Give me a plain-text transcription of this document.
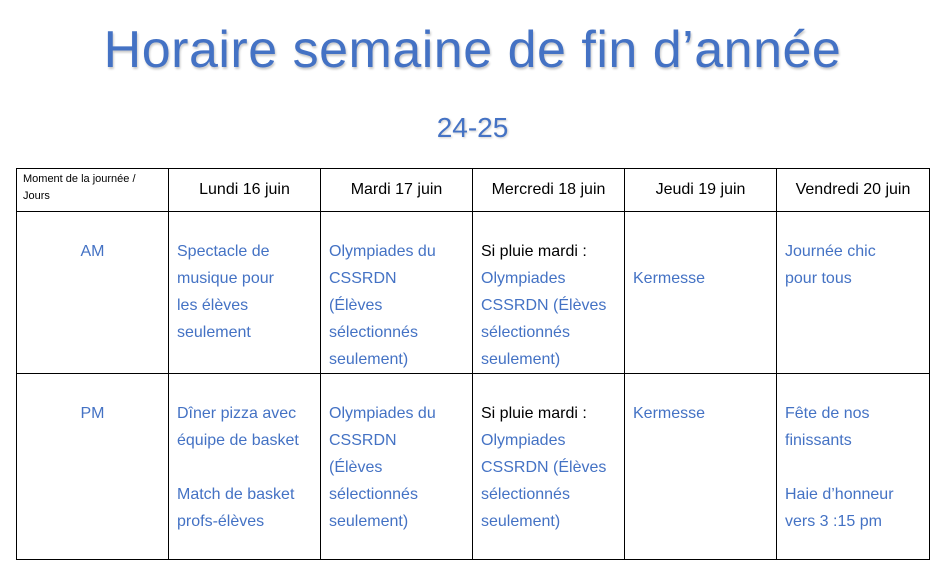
Horaire semaine de fin d’année
24-25
Moment de la journée /
Jours	Lundi 16 juin	Mardi 17 juin	Mercredi 18 juin	Jeudi 19 juin	Vendredi 20 juin
AM	Spectacle de
musique pour
les élèves
seulement	Olympiades du
CSSRDN
(Élèves
sélectionnés
seulement)	Si pluie mardi :
Olympiades
CSSRDN (Élèves
sélectionnés
seulement)	Kermesse	Journée chic
pour tous

PM	Dîner pizza avec
équipe de basket
Match de basket
profs-élèves	Olympiades du
CSSRDN
(Élèves
sélectionnés
seulement)	Si pluie mardi :
Olympiades
CSSRDN (Élèves
sélectionnés
seulement)	Kermesse	Fête de nos
finissants
Haie d’honneur
vers 3 :15 pm
